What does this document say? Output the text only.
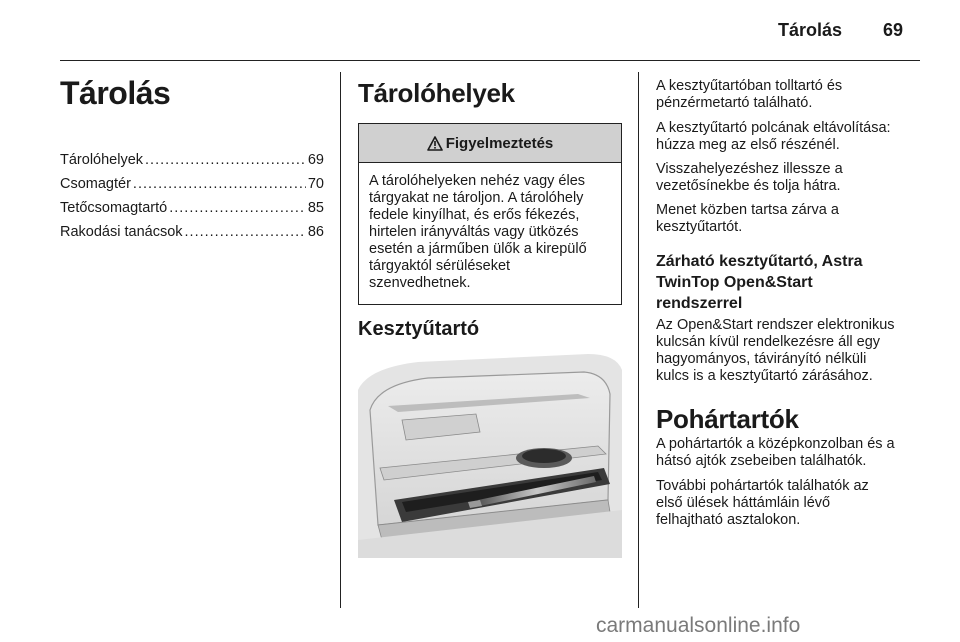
Tárolás 69
Tárolás
Tárolóhelyek .....	69
Csomagtér .....	70
Tetőcsomagtartó .....	85
Rakodási tanácsok .....	86
Tárolóhelyek
Figyelmeztetés
A tárolóhelyeken nehéz vagy éles
tárgyakat ne tároljon. A tárolóhely
fedele kinyílhat, és erős fékezés,
hirtelen irányváltás vagy ütközés
esetén a járműben ülők a kirepülő
tárgyaktól sérüléseket
szenvedhetnek.
Kesztyűtartó
A kesztyűtartóban tolltartó és
pénzérmetartó található.
A kesztyűtartó polcának eltávolítása:
húzza meg az első részénél.
Visszahelyezéshez illessze a
vezetősínekbe és tolja hátra.
Menet közben tartsa zárva a
kesztyűtartót.
Zárható kesztyűtartó, Astra
TwinTop Open&Start
rendszerrel
Az Open&Start rendszer elektronikus
kulcsán kívül rendelkezésre áll egy
hagyományos, távirányító nélküli
kulcs is a kesztyűtartó zárásához.
Pohártartók
A pohártartók a középkonzolban és a
hátsó ajtók zsebeiben találhatók.
További pohártartók találhatók az
első ülések háttámláin lévő
felhajtható asztalokon.
carmanualsonline.info
